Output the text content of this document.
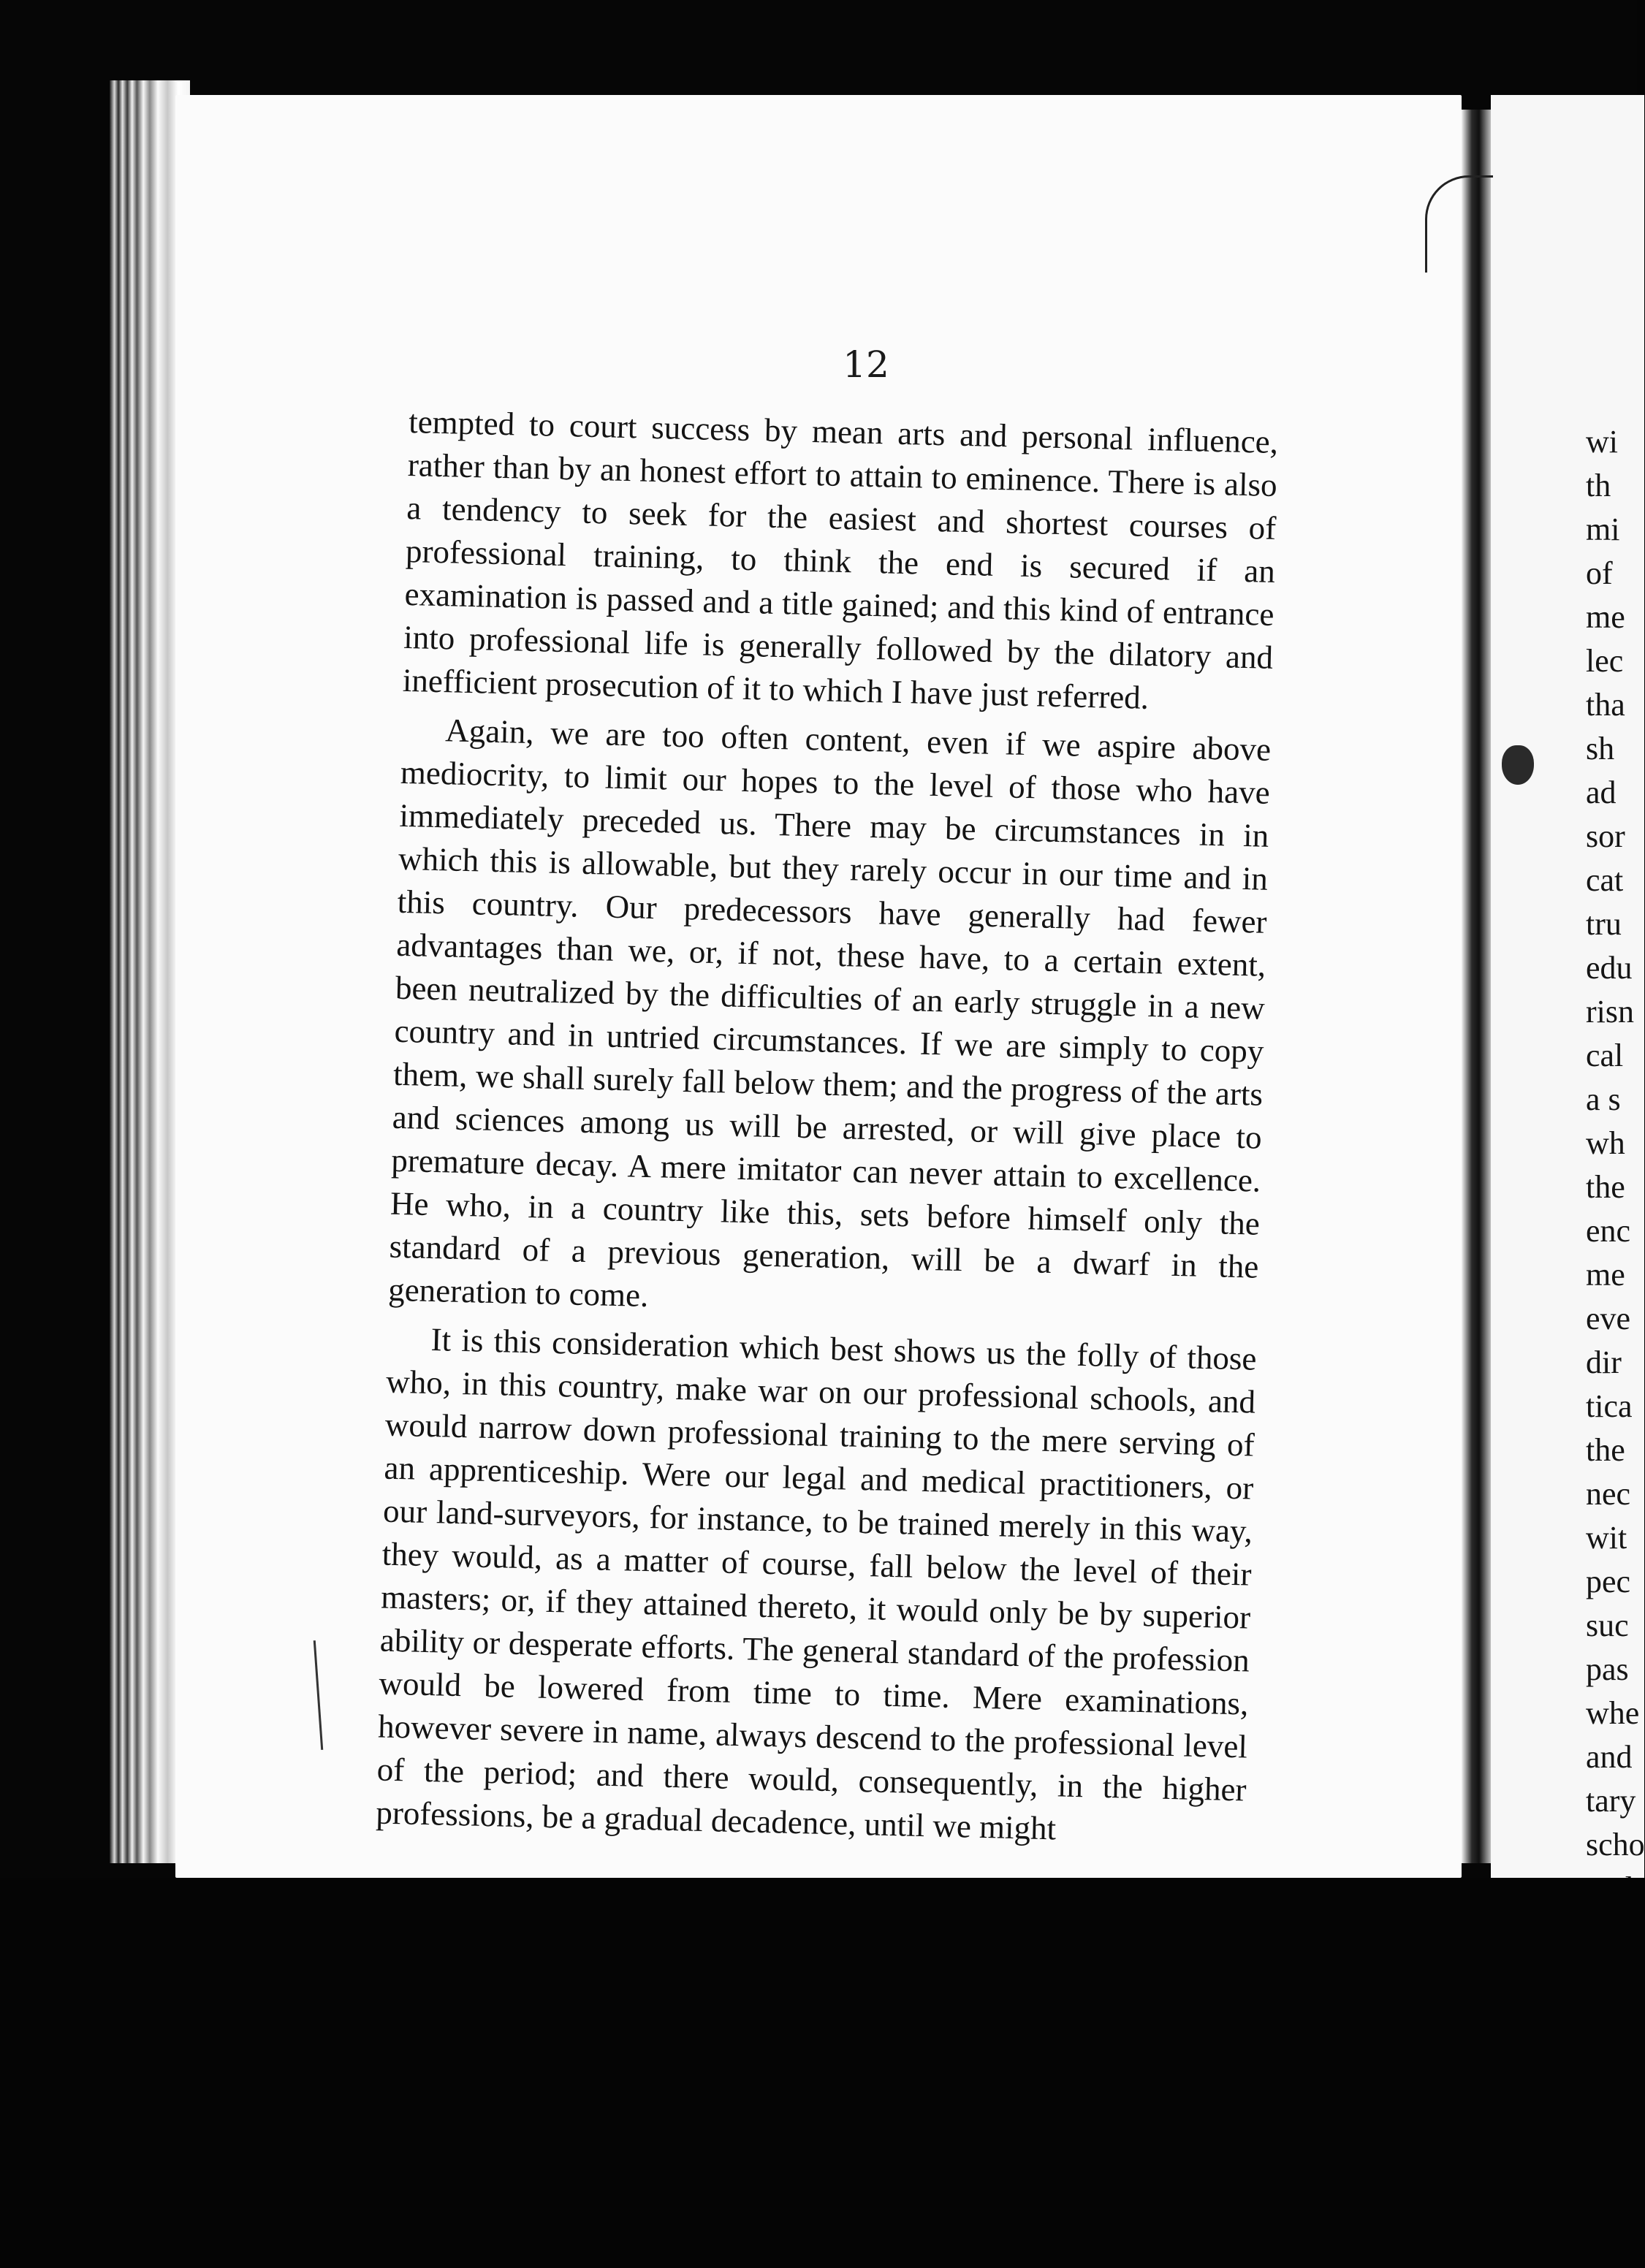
12

tempted to court success by mean arts and personal influence, rather than by an honest effort to attain to eminence. There is also a tendency to seek for the easiest and shortest courses of professional training, to think the end is secured if an examination is passed and a title gained; and this kind of entrance into professional life is generally followed by the dilatory and inefficient prosecution of it to which I have just referred.

Again, we are too often content, even if we aspire above mediocrity, to limit our hopes to the level of those who have immediately preceded us. There may be circumstances in in which this is allowable, but they rarely occur in our time and in this country. Our predecessors have generally had fewer advantages than we, or, if not, these have, to a certain extent, been neutralized by the difficulties of an early struggle in a new country and in untried circumstances. If we are simply to copy them, we shall surely fall below them; and the progress of the arts and sciences among us will be arrested, or will give place to premature decay. A mere imitator can never attain to excellence. He who, in a country like this, sets before himself only the standard of a previous generation, will be a dwarf in the generation to come.

It is this consideration which best shows us the folly of those who, in this country, make war on our professional schools, and would narrow down professional training to the mere serving of an apprenticeship. Were our legal and medical practitioners, or our land-surveyors, for instance, to be trained merely in this way, they would, as a matter of course, fall below the level of their masters; or, if they attained thereto, it would only be by superior ability or desperate efforts. The general standard of the profession would be lowered from time to time. Mere examinations, however severe in name, always descend to the professional level of the period; and there would, consequently, in the higher professions, be a gradual decadence, until we might

wi
th
mi
of
me
lec
tha
sh
ad
sor
cat
tru
edu
risn
cal
a s
wh
the
enc
me
eve
dir
tica
the
nec
wit
pec
suc
pas
whe
and
tary
scho
